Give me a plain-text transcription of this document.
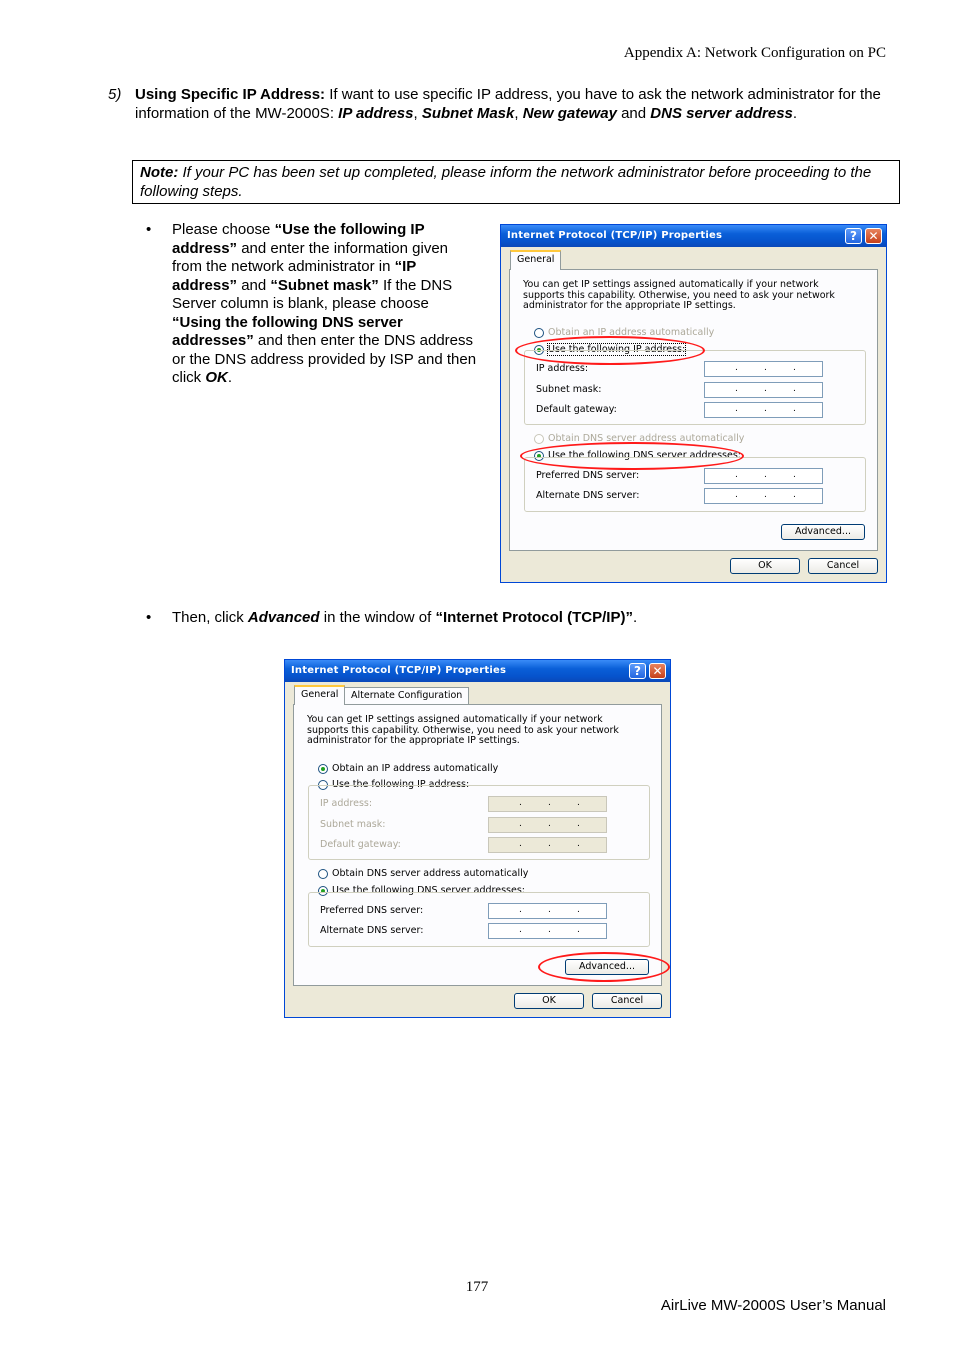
Appendix A: Network Configuration on PC
5) Using Specific IP Address: If want to use specific IP address, you have to ask the network administrator for the information of the MW-2000S: IP address, Subnet Mask, New gateway and DNS server address.
Note: If your PC has been set up completed, please inform the network administrator before proceeding to the following steps.
• Please choose “Use the following IP address” and enter the information given from the network administrator in “IP address” and “Subnet mask” If the DNS Server column is blank, please choose “Using the following DNS server addresses” and then enter the DNS address or the DNS address provided by ISP and then click OK.
Internet Protocol (TCP/IP) Properties	? ✕
General
You can get IP settings assigned automatically if your network supports this capability. Otherwise, you need to ask your network administrator for the appropriate IP settings.
Obtain an IP address automatically
Use the following IP address:
IP address:	.	.	.
Subnet mask:	.	.	.
Default gateway:	.	.	.
Obtain DNS server address automatically
Use the following DNS server addresses:
Preferred DNS server:	.	.	.
Alternate DNS server:	.	.	.
Advanced...
OK	Cancel
• Then, click Advanced in the window of “Internet Protocol (TCP/IP)”.
Internet Protocol (TCP/IP) Properties	? ✕
General	Alternate Configuration
You can get IP settings assigned automatically if your network supports this capability. Otherwise, you need to ask your network administrator for the appropriate IP settings.
Obtain an IP address automatically
Use the following IP address:
IP address:	.	.	.
Subnet mask:	.	.	.
Default gateway:	.	.	.
Obtain DNS server address automatically
Use the following DNS server addresses:
Preferred DNS server:	.	.	.
Alternate DNS server:	.	.	.
Advanced...
OK	Cancel
177
AirLive MW-2000S User’s Manual
